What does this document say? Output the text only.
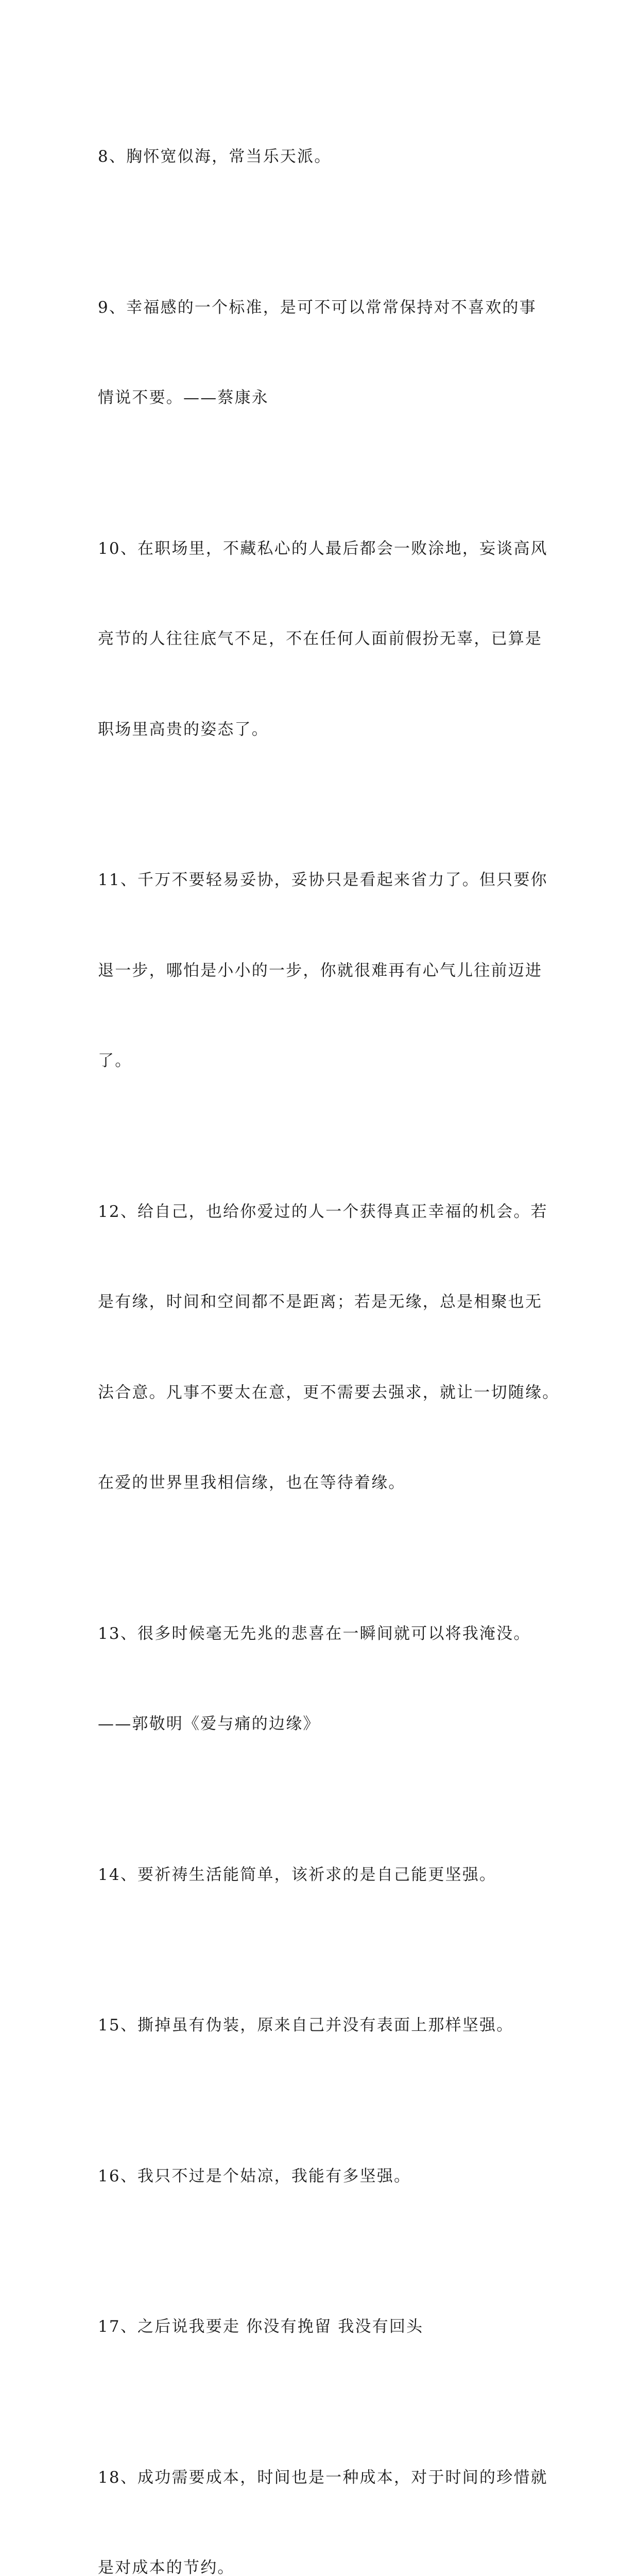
8、胸怀宽似海，常当乐天派。

9、幸福感的一个标准，是可不可以常常保持对不喜欢的事

情说不要。——蔡康永

10、在职场里，不藏私心的人最后都会一败涂地，妄谈高风

亮节的人往往底气不足，不在任何人面前假扮无辜，已算是

职场里高贵的姿态了。

11、千万不要轻易妥协，妥协只是看起来省力了。但只要你

退一步，哪怕是小小的一步，你就很难再有心气儿往前迈进

了。

12、给自己，也给你爱过的人一个获得真正幸福的机会。若

是有缘，时间和空间都不是距离；若是无缘，总是相聚也无

法合意。凡事不要太在意，更不需要去强求，就让一切随缘。

在爱的世界里我相信缘，也在等待着缘。

13、很多时候毫无先兆的悲喜在一瞬间就可以将我淹没。

——郭敬明《爱与痛的边缘》

14、要祈祷生活能简单，该祈求的是自己能更坚强。

15、撕掉虽有伪装，原来自己并没有表面上那样坚强。

16、我只不过是个姑凉，我能有多坚强。

17、之后说我要走 你没有挽留 我没有回头

18、成功需要成本，时间也是一种成本，对于时间的珍惜就

是对成本的节约。
